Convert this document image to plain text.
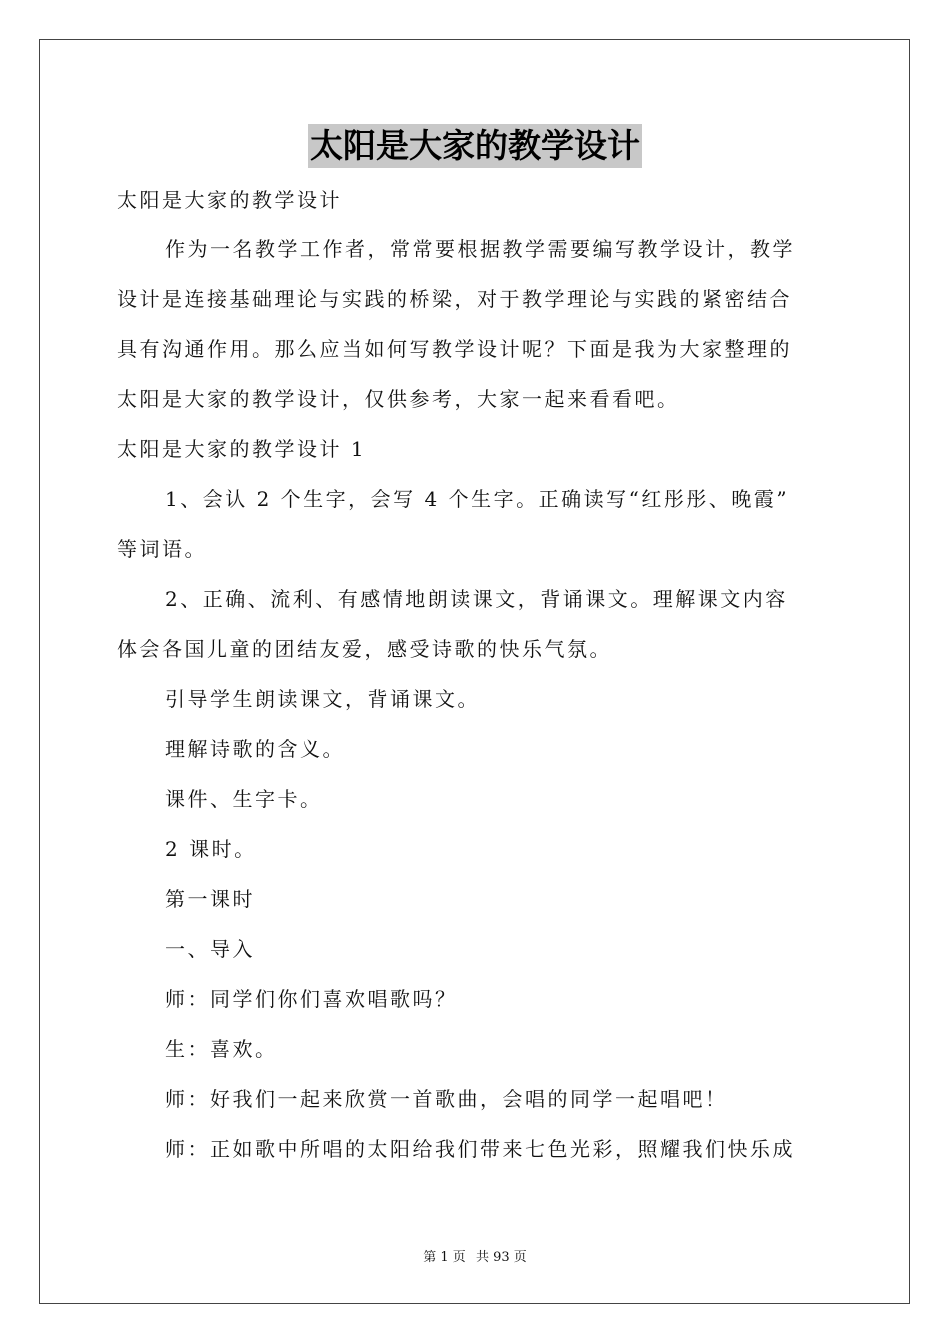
太阳是大家的教学设计
太阳是大家的教学设计
作为一名教学工作者，常常要根据教学需要编写教学设计，教学
设计是连接基础理论与实践的桥梁，对于教学理论与实践的紧密结合
具有沟通作用。那么应当如何写教学设计呢？下面是我为大家整理的
太阳是大家的教学设计，仅供参考，大家一起来看看吧。
太阳是大家的教学设计 1
1、会认 2 个生字，会写 4 个生字。正确读写“红彤彤、晚霞”
等词语。
2、正确、流利、有感情地朗读课文，背诵课文。理解课文内容
体会各国儿童的团结友爱，感受诗歌的快乐气氛。
引导学生朗读课文，背诵课文。
理解诗歌的含义。
课件、生字卡。
2 课时。
第一课时
一、导入
师：同学们你们喜欢唱歌吗？
生：喜欢。
师：好我们一起来欣赏一首歌曲，会唱的同学一起唱吧！
师：正如歌中所唱的太阳给我们带来七色光彩，照耀我们快乐成
第 1 页 共 93 页
